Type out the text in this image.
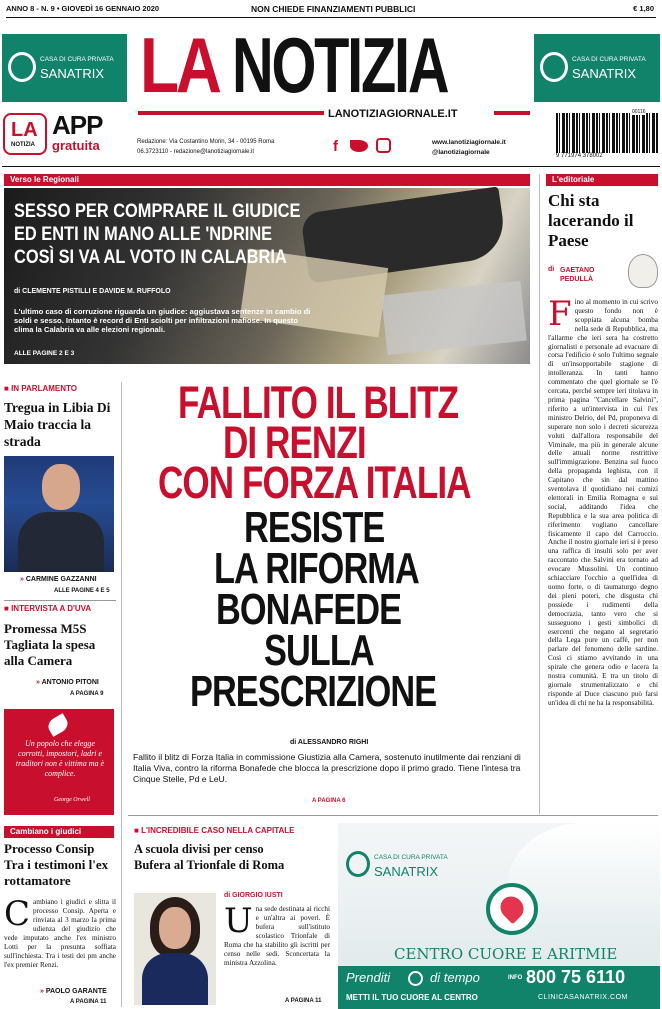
ANNO 8 - N. 9 • GIOVEDÌ 16 GENNAIO 2020	NON CHIEDE FINANZIAMENTI PUBBLICI	€ 1,80
CASA DI CURA PRIVATA
SANATRIX LA NOTIZIA
LANOTIZIAGIORNALE.IT
CASA DI CURA PRIVATA
SANATRIX
LA
NOTIZIA
APP
gratuita	Redazione: Via Costantino Morin, 34 - 00195 Roma
06.3723110 - redazione@lanotiziagiornale.it	f	www.lanotiziagiornale.it
@lanotiziagiornale
00116
9 771974 378002
Verso le Regionali
SESSO PER COMPRARE IL GIUDICE
ED ENTI IN MANO ALLE 'NDRINE
COSÌ SI VA AL VOTO IN CALABRIA
di CLEMENTE PISTILLI E DAVIDE M. RUFFOLO
L'ultimo caso di corruzione riguarda un giudice: aggiustava sentenze in cambio di soldi e sesso. Intanto è record di Enti sciolti per infiltrazioni mafiose. In questo clima la Calabria va alle elezioni regionali.
ALLE PAGINE 2 E 3
L'editoriale
Chi sta lacerando il Paese
di GAETANO PEDULLÀ
Fino al momento in cui scrivo questo fondo non è scoppiata alcuna bomba nella sede di Repubblica, ma l'allarme che ieri sera ha costretto giornalisti e personale ad evacuare di corsa l'edificio è solo l'ultimo segnale di un'insopportabile stagione di intolleranza. In tanti hanno commentato che quel giornale se l'è cercata, perché sempre ieri titolava in prima pagina "Cancellare Salvini", riferito a un'intervista in cui l'ex ministro Delrio, del Pd, proponeva di superare non solo i decreti sicurezza voluti dall'allora responsabile del Viminale, ma più in generale alcune delle attuali norme restrittive sull'immigrazione. Benzina sul fuoco della propaganda leghista, con il Capitano che sin dal mattino sventolava il quotidiano nei comizi elettorali in Emilia Romagna e sui social, additando l'idea che Repubblica e la sua area politica di riferimento vogliano cancellare fisicamente il capo del Carroccio. Anche il nostro giornale ieri si è preso una raffica di insulti solo per aver raccontato che Salvini era tornato ad evocare Mussolini. Un continuo schiacciare l'occhio a quell'idea di uomo forte, o di taumaturgo degno dei pieni poteri, che disgusta chi possiede i rudimenti della democrazia, tanto vero che si susseguono i gesti simbolici di esercenti che negano al segretario della Lega pure un caffè, per non parlare del fenomeno delle sardine. Così ci stiamo avvitando in una spirale che genera odio e lacera la nostra comunità. E tra un titolo di giornale strumentalizzato e chi risponde al Duce ciascuno può farsi un'idea di chi ne ha la responsabilità.
■ IN PARLAMENTO
Tregua in Libia Di Maio traccia la strada
» CARMINE GAZZANNI
ALLE PAGINE 4 E 5
■ INTERVISTA A D'UVA
Promessa M5S Tagliata la spesa alla Camera
» ANTONIO PITONI
A PAGINA 9
Un popolo che elegge corrotti, impostori, ladri e traditori non è vittima ma è complice.
George Orwell
Cambiano i giudici
Processo Consip Tra i testimoni l'ex rottamatore
Cambiano i giudici e slitta il processo Consip. Aperta e rinviata al 3 marzo la prima udienza del giudizio che vede imputato anche l'ex ministro Lotti per la presunta soffiata sull'inchiesta. Tra i testi dei pm anche l'ex premier Renzi.
» PAOLO GARANTE
A PAGINA 11
FALLITO IL BLITZ
DI RENZI
CON FORZA ITALIA
RESISTE
LA RIFORMA
BONAFEDE
SULLA
PRESCRIZIONE
di ALESSANDRO RIGHI
Fallito il blitz di Forza Italia in commissione Giustizia alla Camera, sostenuto inutilmente dai renziani di Italia Viva, contro la riforma Bonafede che blocca la prescrizione dopo il primo grado. Tiene l'intesa tra Cinque Stelle, Pd e LeU.
A PAGINA 6
■ L'INCREDIBILE CASO NELLA CAPITALE
A scuola divisi per censo
Bufera al Trionfale di Roma
di GIORGIO IUSTI
Una sede destinata ai ricchi e un'altra ai poveri. È bufera sull'istituto scolastico Trionfale di Roma che ha stabilito gli iscritti per censo nelle sedi. Sconcertata la ministra Azzolina.
A PAGINA 11
CASA DI CURA PRIVATA
SANATRIX
CENTRO CUORE E ARITMIE
Prenditi	di tempo	INFO 800 75 6110
METTI IL TUO CUORE AL CENTRO	CLINICASANATRIX.COM
